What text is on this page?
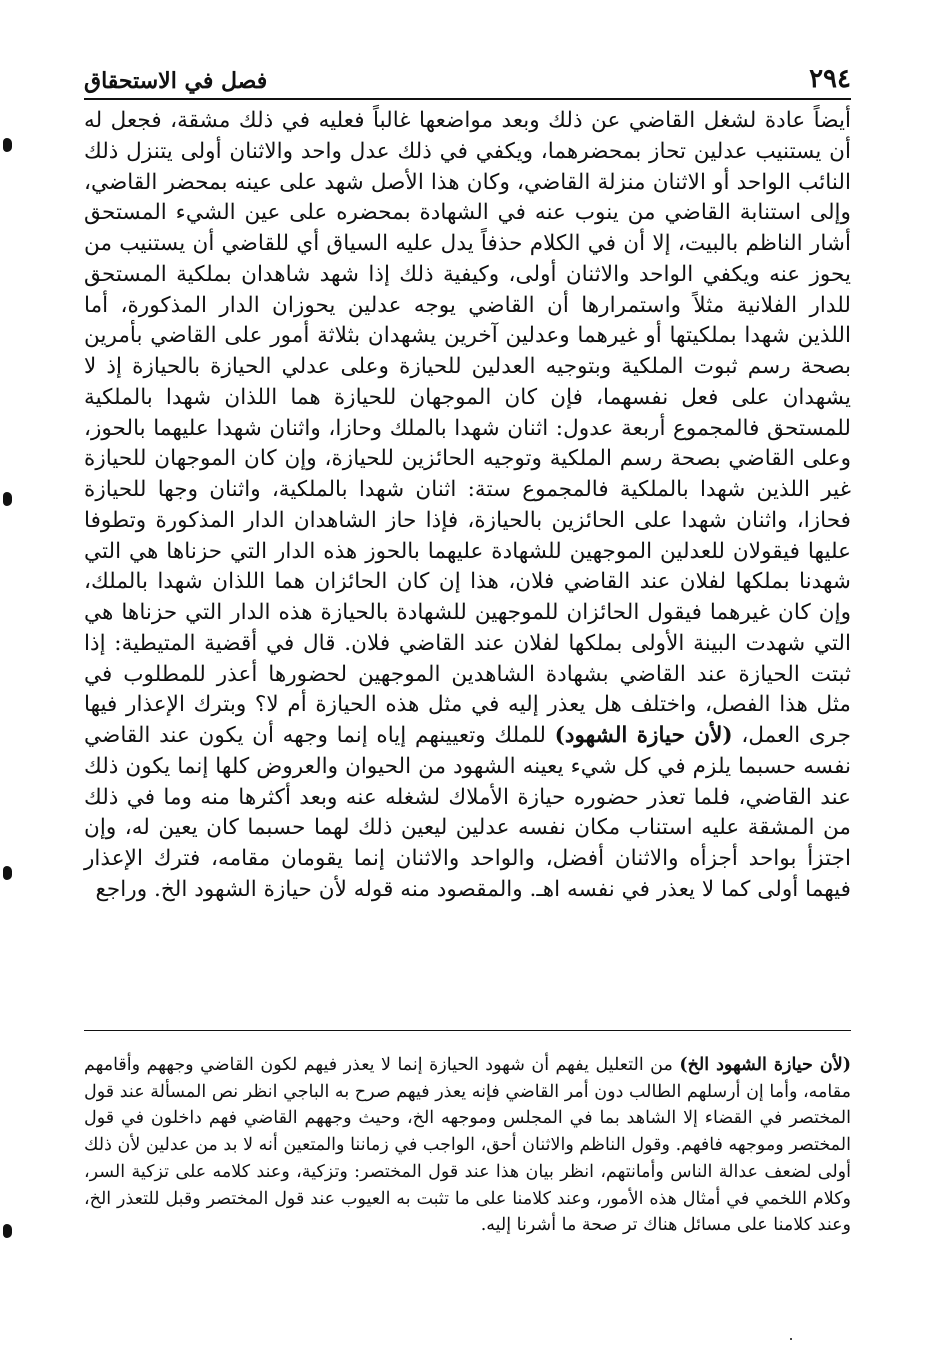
٢٩٤
فصل في الاستحقاق

أيضاً عادة لشغل القاضي عن ذلك وبعد مواضعها غالباً فعليه في ذلك مشقة، فجعل له أن يستنيب عدلين تحاز بمحضرهما، ويكفي في ذلك عدل واحد والاثنان أولى يتنزل ذلك النائب الواحد أو الاثنان منزلة القاضي، وكان هذا الأصل شهد على عينه بمحضر القاضي، وإلى استنابة القاضي من ينوب عنه في الشهادة بمحضره على عين الشيء المستحق أشار الناظم بالبيت، إلا أن في الكلام حذفاً يدل عليه السياق أي للقاضي أن يستنيب من يحوز عنه ويكفي الواحد والاثنان أولى، وكيفية ذلك إذا شهد شاهدان بملكية المستحق للدار الفلانية مثلاً واستمرارها أن القاضي يوجه عدلين يحوزان الدار المذكورة، أما اللذين شهدا بملكيتها أو غيرهما وعدلين آخرين يشهدان بثلاثة أمور على القاضي بأمرين بصحة رسم ثبوت الملكية وبتوجيه العدلين للحيازة وعلى عدلي الحيازة بالحيازة إذ لا يشهدان على فعل نفسهما، فإن كان الموجهان للحيازة هما اللذان شهدا بالملكية للمستحق فالمجموع أربعة عدول: اثنان شهدا بالملك وحازا، واثنان شهدا عليهما بالحوز، وعلى القاضي بصحة رسم الملكية وتوجيه الحائزين للحيازة، وإن كان الموجهان للحيازة غير اللذين شهدا بالملكية فالمجموع ستة: اثنان شهدا بالملكية، واثنان وجها للحيازة فحازا، واثنان شهدا على الحائزين بالحيازة، فإذا حاز الشاهدان الدار المذكورة وتطوفا عليها فيقولان للعدلين الموجهين للشهادة عليهما بالحوز هذه الدار التي حزناها هي التي شهدنا بملكها لفلان عند القاضي فلان، هذا إن كان الحائزان هما اللذان شهدا بالملك، وإن كان غيرهما فيقول الحائزان للموجهين للشهادة بالحيازة هذه الدار التي حزناها هي التي شهدت البينة الأولى بملكها لفلان عند القاضي فلان. قال في أقضية المتيطية: إذا ثبتت الحيازة عند القاضي بشهادة الشاهدين الموجهين لحضورها أعذر للمطلوب في مثل هذا الفصل، واختلف هل يعذر إليه في مثل هذه الحيازة أم لا؟ وبترك الإعذار فيها جرى العمل، (لأن حيازة الشهود) للملك وتعيينهم إياه إنما وجهه أن يكون عند القاضي نفسه حسبما يلزم في كل شيء يعينه الشهود من الحيوان والعروض كلها إنما يكون ذلك عند القاضي، فلما تعذر حضوره حيازة الأملاك لشغله عنه وبعد أكثرها منه وما في ذلك من المشقة عليه استناب مكان نفسه عدلين ليعين ذلك لهما حسبما كان يعين له، وإن اجتزأ بواحد أجزأه والاثنان أفضل، والواحد والاثنان إنما يقومان مقامه، فترك الإعذار فيهما أولى كما لا يعذر في نفسه اهـ. والمقصود منه قوله لأن حيازة الشهود الخ. وراجع

(لأن حيازة الشهود الخ) من التعليل يفهم أن شهود الحيازة إنما لا يعذر فيهم لكون القاضي وجههم وأقامهم مقامه، وأما إن أرسلهم الطالب دون أمر القاضي فإنه يعذر فيهم صرح به الباجي انظر نص المسألة عند قول المختصر في القضاء إلا الشاهد بما في المجلس وموجهه الخ، وحيث وجههم القاضي فهم داخلون في قول المختصر وموجهه فافهم. وقول الناظم والاثنان أحق، الواجب في زماننا والمتعين أنه لا بد من عدلين لأن ذلك أولى لضعف عدالة الناس وأمانتهم، انظر بيان هذا عند قول المختصر: وتزكية، وعند كلامه على تزكية السر، وكلام اللخمي في أمثال هذه الأمور، وعند كلامنا على ما تثبت به العيوب عند قول المختصر وقبل للتعذر الخ، وعند كلامنا على مسائل هناك تر صحة ما أشرنا إليه.
